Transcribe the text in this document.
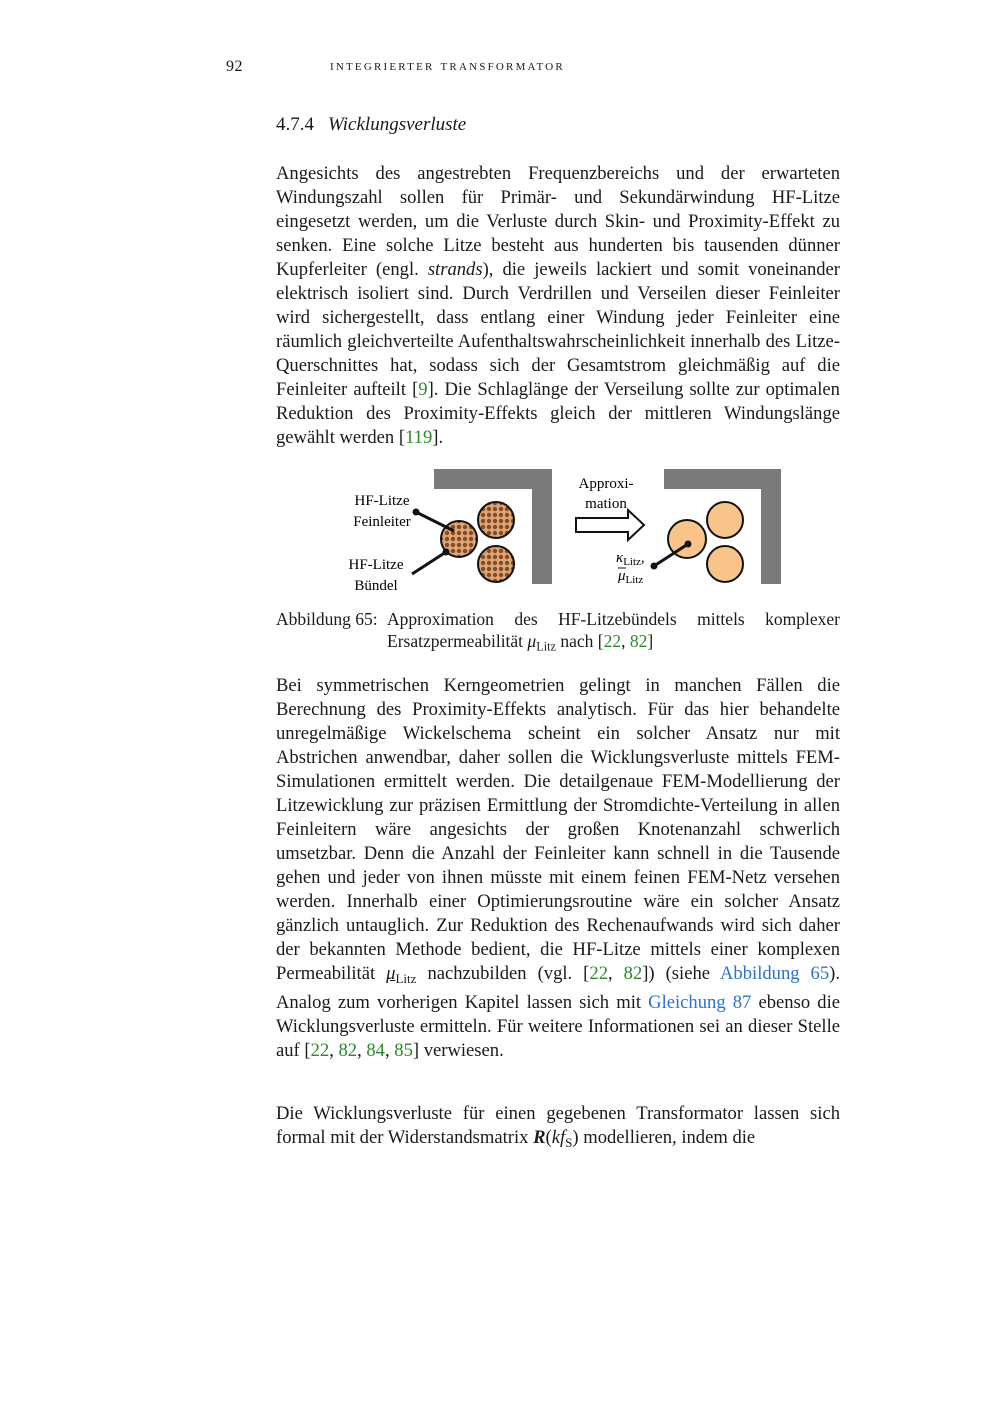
92	integrierter transformator
4.7.4 Wicklungsverluste

Angesichts des angestrebten Frequenzbereichs und der erwarteten Windungszahl sollen für Primär- und Sekundärwindung HF-Litze eingesetzt werden, um die Verluste durch Skin- und Proximity-Effekt zu senken. Eine solche Litze besteht aus hunderten bis tausenden dünner Kupferleiter (engl. strands), die jeweils lackiert und somit voneinander elektrisch isoliert sind. Durch Verdrillen und Verseilen dieser Feinleiter wird sichergestellt, dass entlang einer Windung jeder Feinleiter eine räumlich gleichverteilte Aufenthaltswahrscheinlichkeit innerhalb des Litze-Querschnittes hat, sodass sich der Gesamtstrom gleichmäßig auf die Feinleiter aufteilt [9]. Die Schlaglänge der Verseilung sollte zur optimalen Reduktion des Proximity-Effekts gleich der mittleren Windungslänge gewählt werden [119].

HF-Litze
Feinleiter
HF-Litze
Bündel
Approxi-
mation
$\kappa_{Litz}$,
$\mu_{Litz}$
Abbildung 65: Approximation des HF-Litzebündels mittels komplexer Ersatzpermeabilität $\mu_{Litz}$ nach [22, 82]

Bei symmetrischen Kerngeometrien gelingt in manchen Fällen die Berechnung des Proximity-Effekts analytisch. Für das hier behandelte unregelmäßige Wickelschema scheint ein solcher Ansatz nur mit Abstrichen anwendbar, daher sollen die Wicklungsverluste mittels FEM-Simulationen ermittelt werden. Die detailgenaue FEM-Modellierung der Litzewicklung zur präzisen Ermittlung der Stromdichte-Verteilung in allen Feinleitern wäre angesichts der großen Knotenanzahl schwerlich umsetzbar. Denn die Anzahl der Feinleiter kann schnell in die Tausende gehen und jeder von ihnen müsste mit einem feinen FEM-Netz versehen werden. Innerhalb einer Optimierungsroutine wäre ein solcher Ansatz gänzlich untauglich. Zur Reduktion des Rechenaufwands wird sich daher der bekannten Methode bedient, die HF-Litze mittels einer komplexen Permeabilität $\mu_{Litz}$ nachzubilden (vgl. [22, 82]) (siehe Abbildung 65). Analog zum vorherigen Kapitel lassen sich mit Gleichung 87 ebenso die Wicklungsverluste ermitteln. Für weitere Informationen sei an dieser Stelle auf [22, 82, 84, 85] verwiesen.

Die Wicklungsverluste für einen gegebenen Transformator lassen sich formal mit der Widerstandsmatrix $R(kf_S)$ modellieren, indem die
